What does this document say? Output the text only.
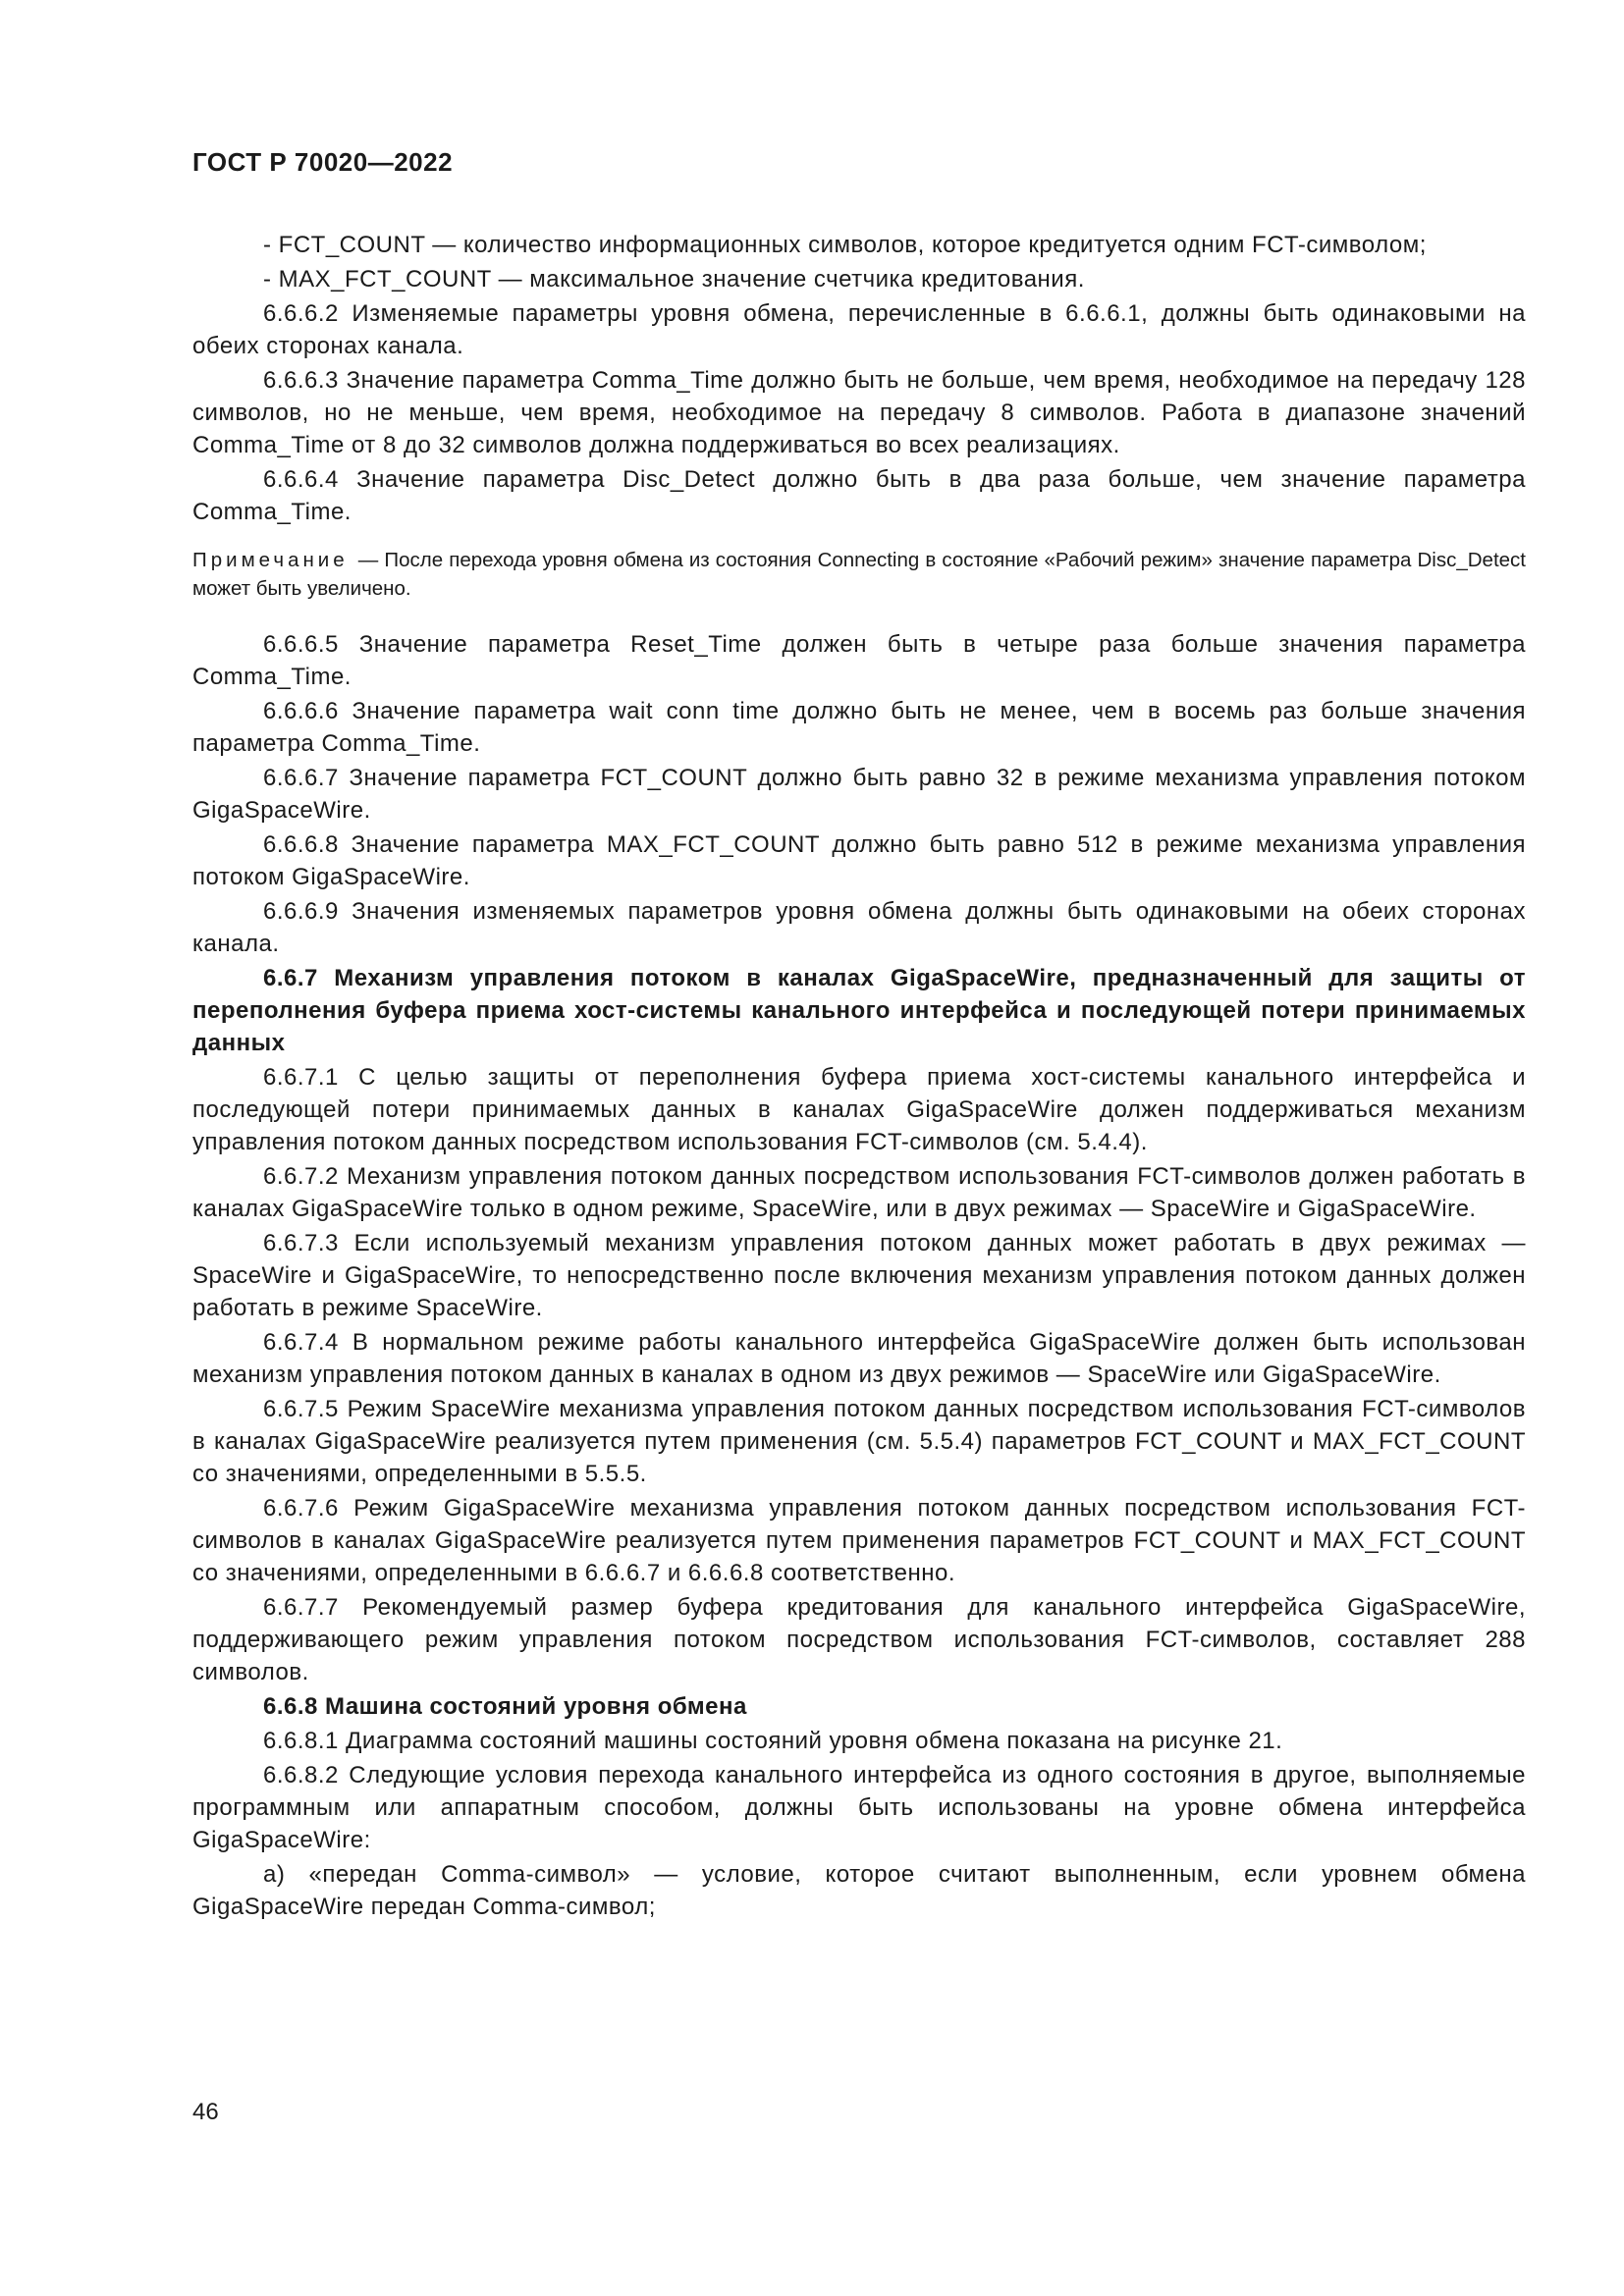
ГОСТ Р 70020—2022
- FCT_COUNT — количество информационных символов, которое кредитуется одним FCT-символом;
- MAX_FCT_COUNT — максимальное значение счетчика кредитования.
6.6.6.2 Изменяемые параметры уровня обмена, перечисленные в 6.6.6.1, должны быть одинаковыми на обеих сторонах канала.
6.6.6.3 Значение параметра Comma_Time должно быть не больше, чем время, необходимое на передачу 128 символов, но не меньше, чем время, необходимое на передачу 8 символов. Работа в диапазоне значений Comma_Time от 8 до 32 символов должна поддерживаться во всех реализациях.
6.6.6.4 Значение параметра Disc_Detect должно быть в два раза больше, чем значение параметра Comma_Time.
Примечание — После перехода уровня обмена из состояния Connecting в состояние «Рабочий режим» значение параметра Disc_Detect может быть увеличено.
6.6.6.5 Значение параметра Reset_Time должен быть в четыре раза больше значения параметра Comma_Time.
6.6.6.6 Значение параметра wait conn time должно быть не менее, чем в восемь раз больше значения параметра Comma_Time.
6.6.6.7 Значение параметра FCT_COUNT должно быть равно 32 в режиме механизма управления потоком GigaSpaceWire.
6.6.6.8 Значение параметра MAX_FCT_COUNT должно быть равно 512 в режиме механизма управления потоком GigaSpaceWire.
6.6.6.9 Значения изменяемых параметров уровня обмена должны быть одинаковыми на обеих сторонах канала.
6.6.7 Механизм управления потоком в каналах GigaSpaceWire, предназначенный для защиты от переполнения буфера приема хост-системы канального интерфейса и последующей потери принимаемых данных
6.6.7.1 С целью защиты от переполнения буфера приема хост-системы канального интерфейса и последующей потери принимаемых данных в каналах GigaSpaceWire должен поддерживаться механизм управления потоком данных посредством использования FCT-символов (см. 5.4.4).
6.6.7.2 Механизм управления потоком данных посредством использования FCT-символов должен работать в каналах GigaSpaceWire только в одном режиме, SpaceWire, или в двух режимах — SpaceWire и GigaSpaceWire.
6.6.7.3 Если используемый механизм управления потоком данных может работать в двух режимах — SpaceWire и GigaSpaceWire, то непосредственно после включения механизм управления потоком данных должен работать в режиме SpaceWire.
6.6.7.4 В нормальном режиме работы канального интерфейса GigaSpaceWire должен быть использован механизм управления потоком данных в каналах в одном из двух режимов — SpaceWire или GigaSpaceWire.
6.6.7.5 Режим SpaceWire механизма управления потоком данных посредством использования FCT-символов в каналах GigaSpaceWire реализуется путем применения (см. 5.5.4) параметров FCT_COUNT и MAX_FCT_COUNT со значениями, определенными в 5.5.5.
6.6.7.6 Режим GigaSpaceWire механизма управления потоком данных посредством использования FCT-символов в каналах GigaSpaceWire реализуется путем применения параметров FCT_COUNT и MAX_FCT_COUNT со значениями, определенными в 6.6.6.7 и 6.6.6.8 соответственно.
6.6.7.7 Рекомендуемый размер буфера кредитования для канального интерфейса GigaSpaceWire, поддерживающего режим управления потоком посредством использования FCT-символов, составляет 288 символов.
6.6.8 Машина состояний уровня обмена
6.6.8.1 Диаграмма состояний машины состояний уровня обмена показана на рисунке 21.
6.6.8.2 Следующие условия перехода канального интерфейса из одного состояния в другое, выполняемые программным или аппаратным способом, должны быть использованы на уровне обмена интерфейса GigaSpaceWire:
а) «передан Comma-символ» — условие, которое считают выполненным, если уровнем обмена GigaSpaceWire передан Comma-символ;
46
